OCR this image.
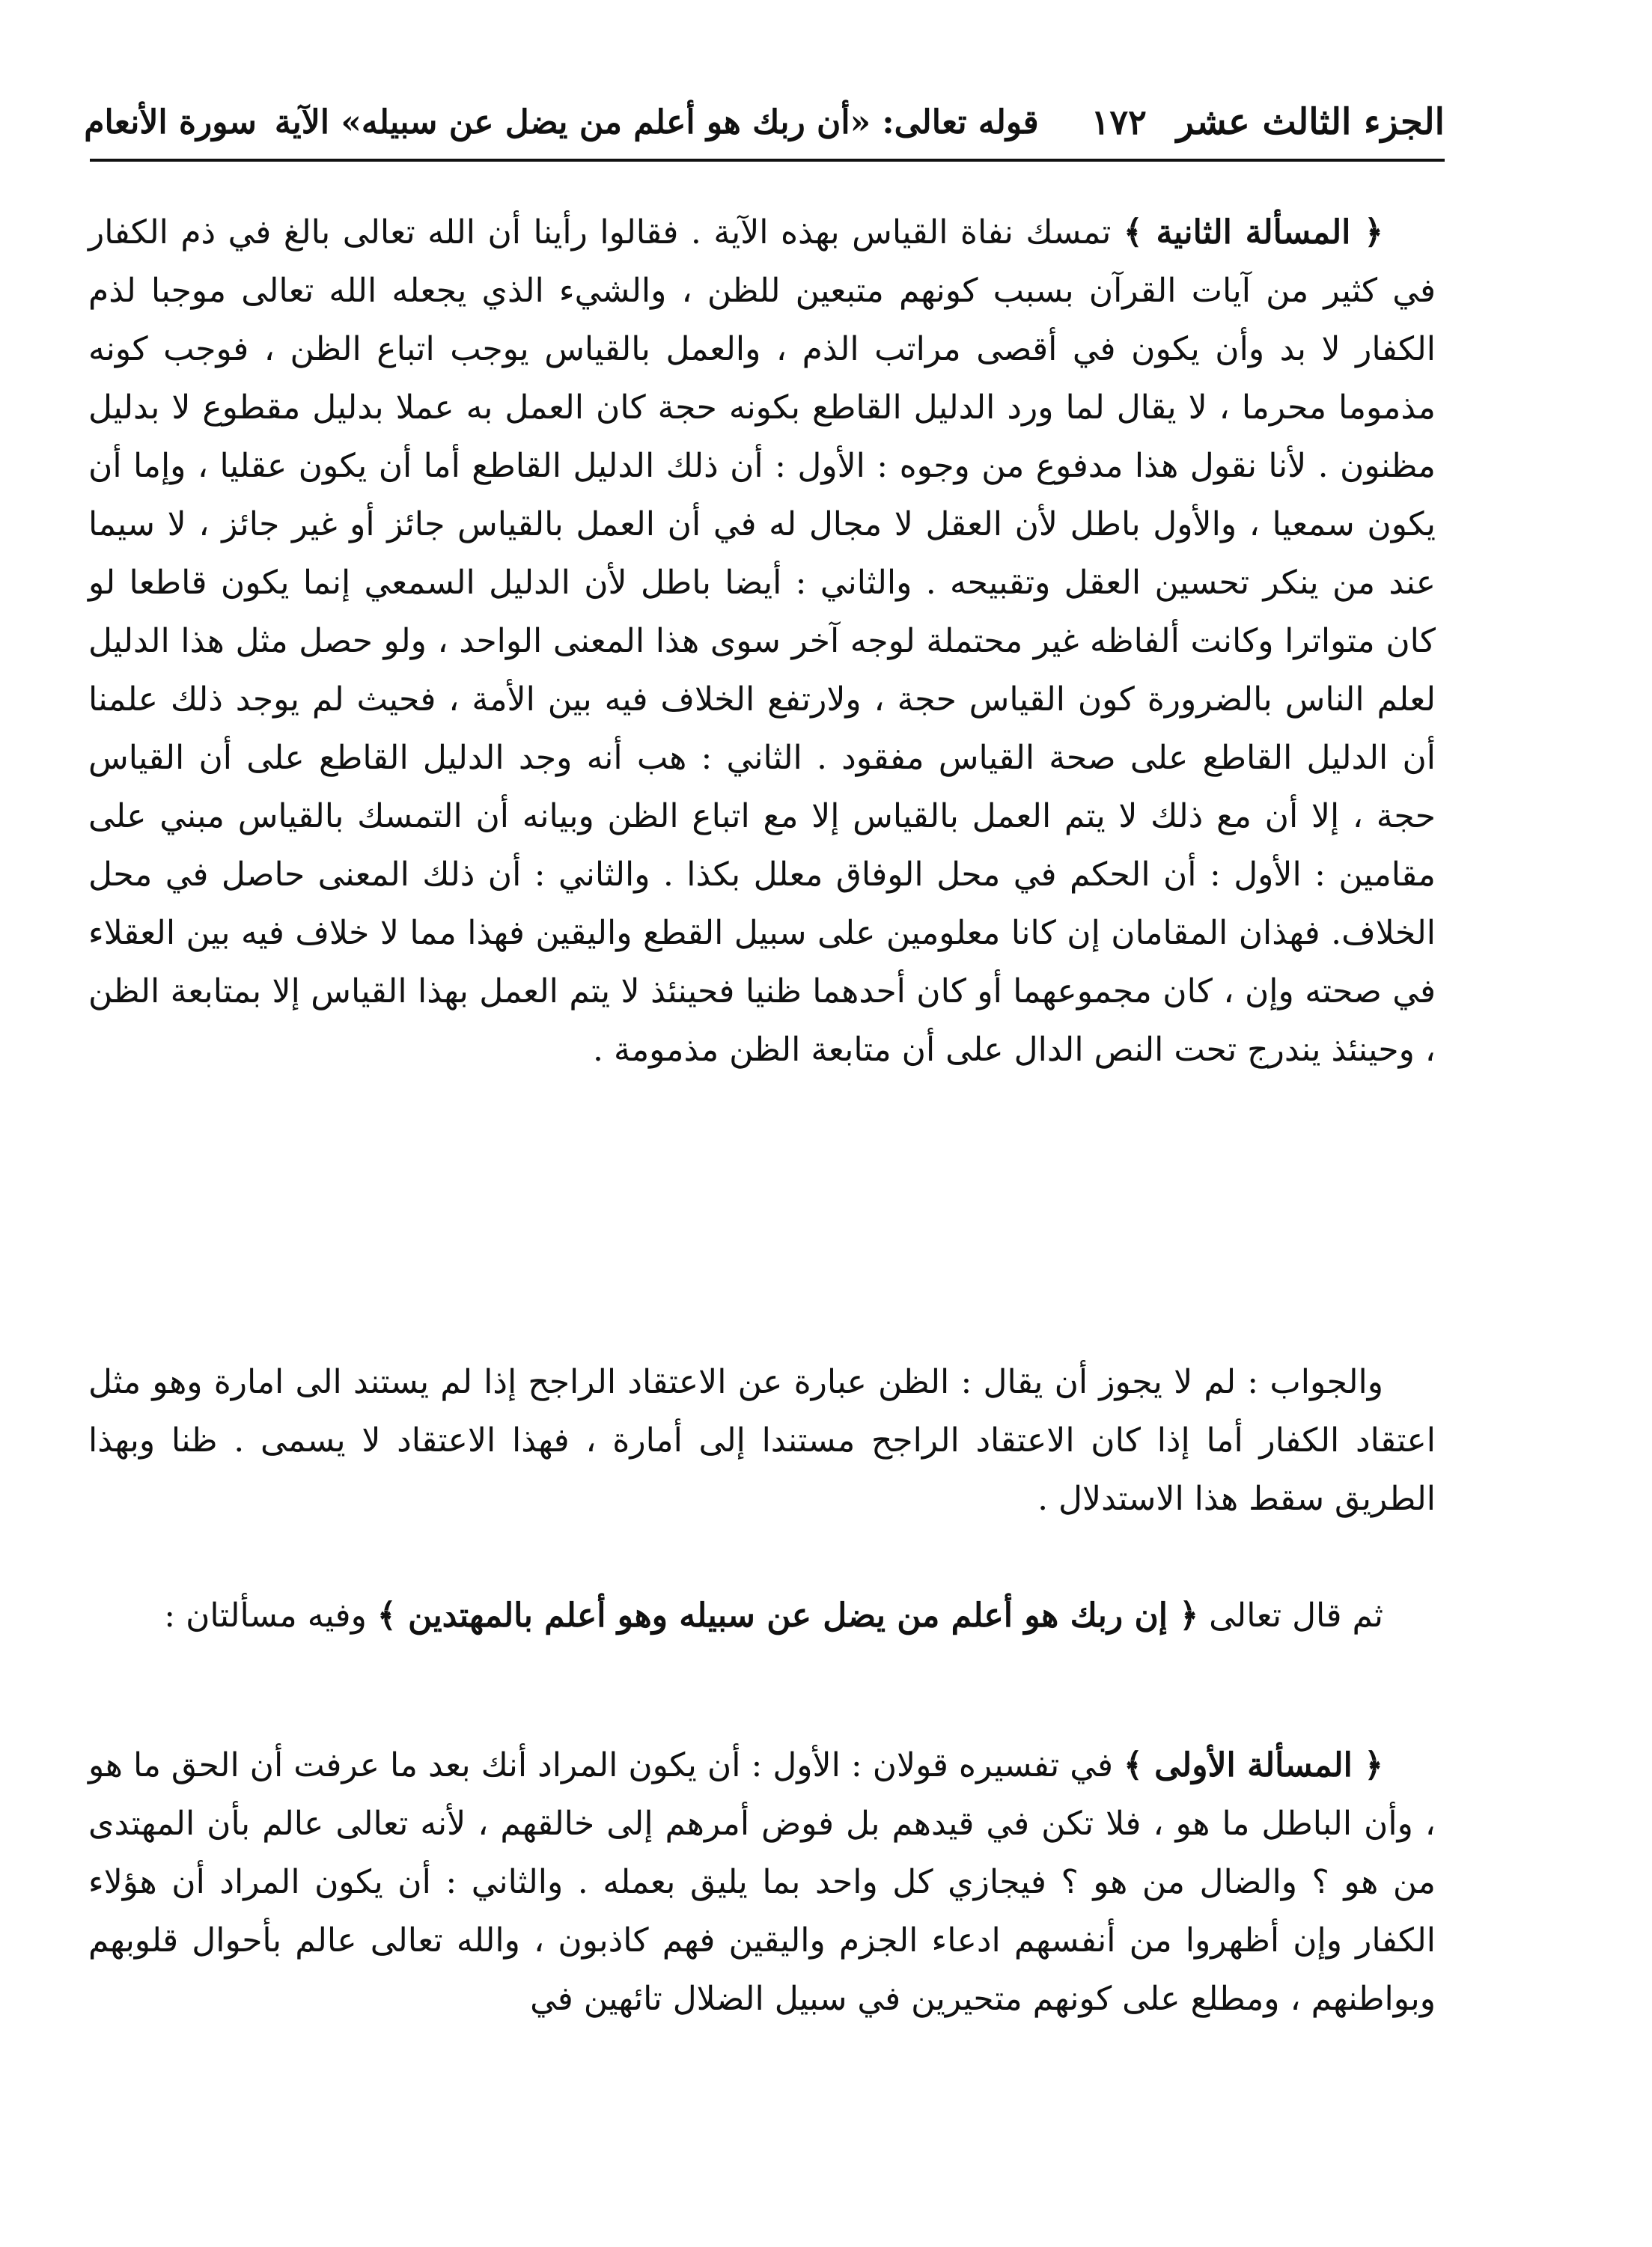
الجزء الثالث عشر
١٧٢
قوله تعالى: «أن ربك هو أعلم من يضل عن سبيله» الآية
سورة الأنعام

﴿ المسألة الثانية ﴾ تمسك نفاة القياس بهذه الآية . فقالوا رأينا أن الله تعالى بالغ في ذم الكفار في كثير من آيات القرآن بسبب كونهم متبعين للظن ، والشيء الذي يجعله الله تعالى موجبا لذم الكفار لا بد وأن يكون في أقصى مراتب الذم ، والعمل بالقياس يوجب اتباع الظن ، فوجب كونه مذموما محرما ، لا يقال لما ورد الدليل القاطع بكونه حجة كان العمل به عملا بدليل مقطوع لا بدليل مظنون . لأنا نقول هذا مدفوع من وجوه : الأول : أن ذلك الدليل القاطع أما أن يكون عقليا ، وإما أن يكون سمعيا ، والأول باطل لأن العقل لا مجال له في أن العمل بالقياس جائز أو غير جائز ، لا سيما عند من ينكر تحسين العقل وتقبيحه . والثاني : أيضا باطل لأن الدليل السمعي إنما يكون قاطعا لو كان متواترا وكانت ألفاظه غير محتملة لوجه آخر سوى هذا المعنى الواحد ، ولو حصل مثل هذا الدليل لعلم الناس بالضرورة كون القياس حجة ، ولارتفع الخلاف فيه بين الأمة ، فحيث لم يوجد ذلك علمنا أن الدليل القاطع على صحة القياس مفقود . الثاني : هب أنه وجد الدليل القاطع على أن القياس حجة ، إلا أن مع ذلك لا يتم العمل بالقياس إلا مع اتباع الظن وبيانه أن التمسك بالقياس مبني على مقامين : الأول : أن الحكم في محل الوفاق معلل بكذا . والثاني : أن ذلك المعنى حاصل في محل الخلاف. فهذان المقامان إن كانا معلومين على سبيل القطع واليقين فهذا مما لا خلاف فيه بين العقلاء في صحته وإن ، كان مجموعهما أو كان أحدهما ظنيا فحينئذ لا يتم العمل بهذا القياس إلا بمتابعة الظن ، وحينئذ يندرج تحت النص الدال على أن متابعة الظن مذمومة .

والجواب : لم لا يجوز أن يقال : الظن عبارة عن الاعتقاد الراجح إذا لم يستند الى امارة وهو مثل اعتقاد الكفار أما إذا كان الاعتقاد الراجح مستندا إلى أمارة ، فهذا الاعتقاد لا يسمى . ظنا وبهذا الطريق سقط هذا الاستدلال .

ثم قال تعالى ﴿ إن ربك هو أعلم من يضل عن سبيله وهو أعلم بالمهتدين ﴾ وفيه مسألتان :

﴿ المسألة الأولى ﴾ في تفسيره قولان : الأول : أن يكون المراد أنك بعد ما عرفت أن الحق ما هو ، وأن الباطل ما هو ، فلا تكن في قيدهم بل فوض أمرهم إلى خالقهم ، لأنه تعالى عالم بأن المهتدى من هو ؟ والضال من هو ؟ فيجازي كل واحد بما يليق بعمله . والثاني : أن يكون المراد أن هؤلاء الكفار وإن أظهروا من أنفسهم ادعاء الجزم واليقين فهم كاذبون ، والله تعالى عالم بأحوال قلوبهم وبواطنهم ، ومطلع على كونهم متحيرين في سبيل الضلال تائهين في
